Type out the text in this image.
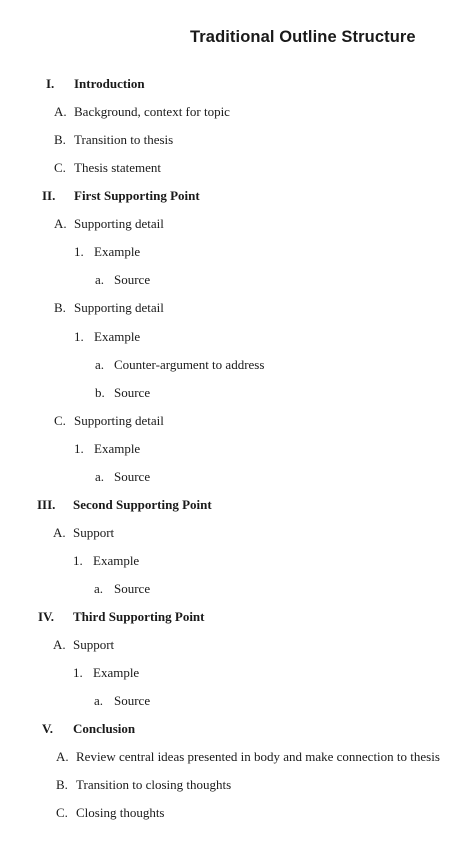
Traditional Outline Structure
I. Introduction
A. Background, context for topic
B. Transition to thesis
C. Thesis statement
II. First Supporting Point
A. Supporting detail
1. Example
a. Source
B. Supporting detail
1. Example
a. Counter-argument to address
b. Source
C. Supporting detail
1. Example
a. Source
III. Second Supporting Point
A. Support
1. Example
a. Source
IV. Third Supporting Point
A. Support
1. Example
a. Source
V. Conclusion
A. Review central ideas presented in body and make connection to thesis
B. Transition to closing thoughts
C. Closing thoughts
